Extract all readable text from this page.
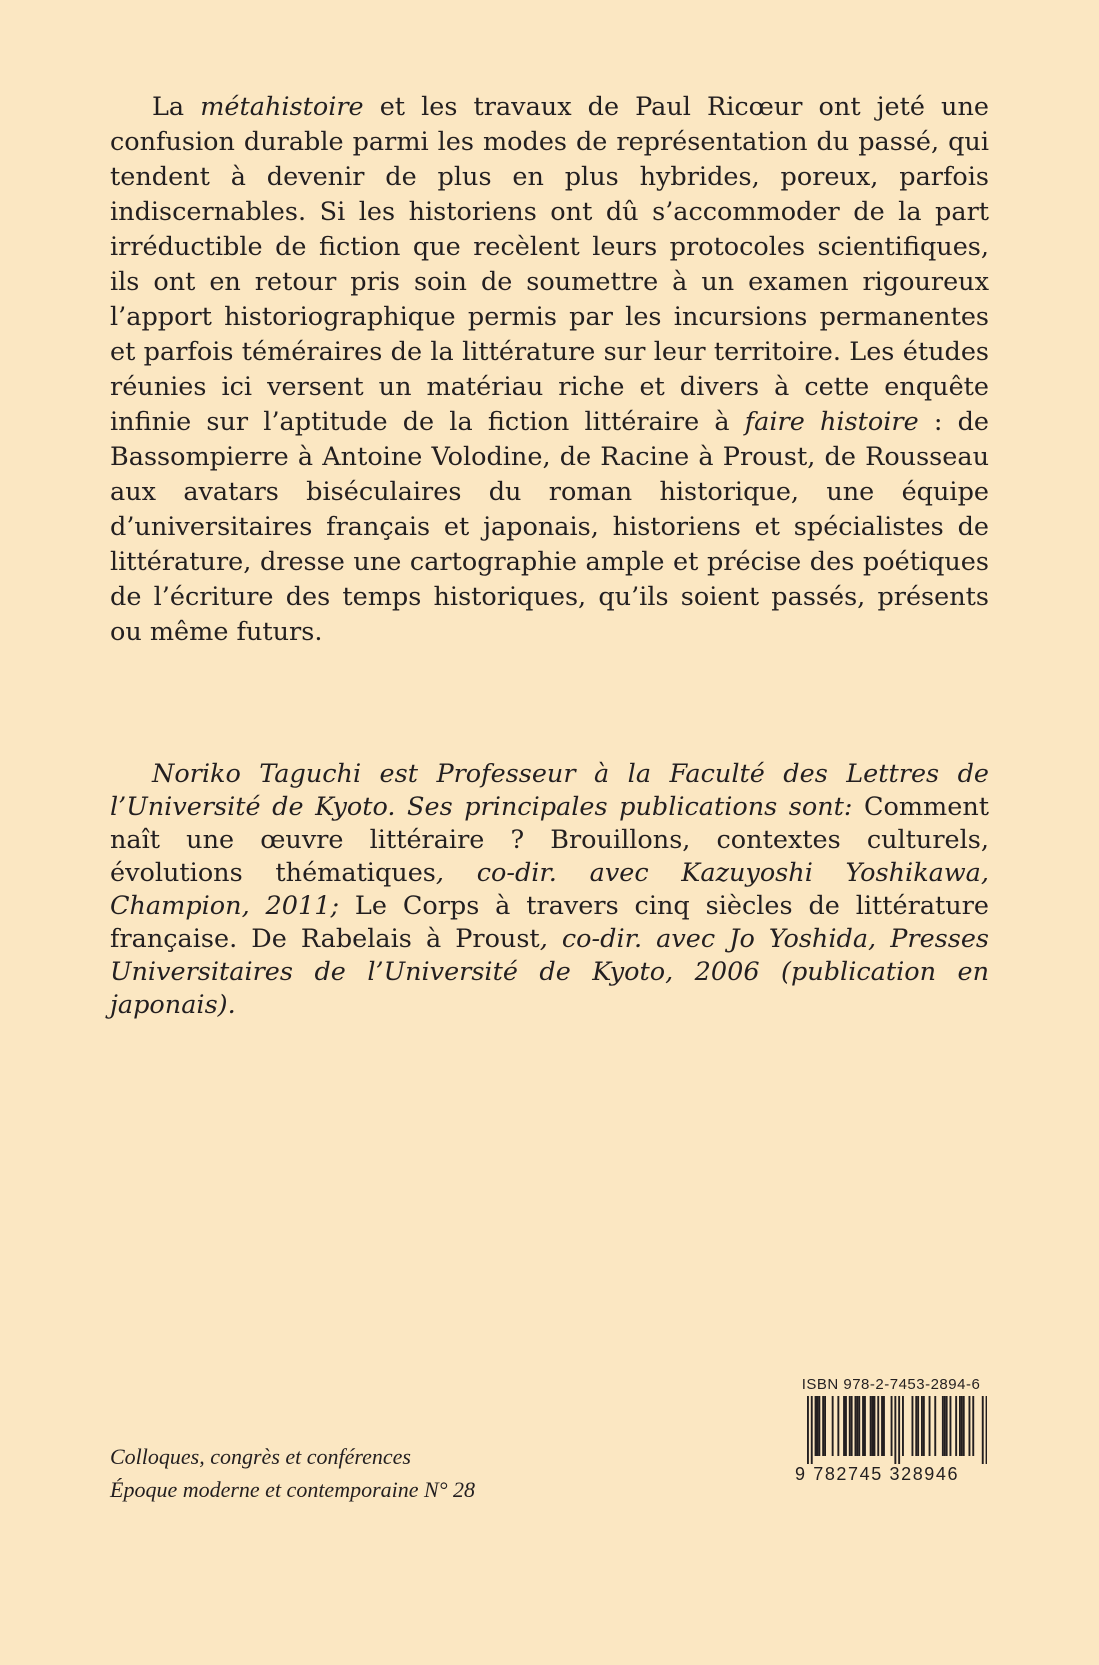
La métahistoire et les travaux de Paul Ricœur ont jeté une confusion durable parmi les modes de représentation du passé, qui tendent à devenir de plus en plus hybrides, poreux, parfois indiscernables. Si les historiens ont dû s’accommoder de la part irréductible de fiction que recèlent leurs protocoles scientifiques, ils ont en retour pris soin de soumettre à un examen rigoureux l’apport historiographique permis par les incursions permanentes et parfois téméraires de la littérature sur leur territoire. Les études réunies ici versent un matériau riche et divers à cette enquête infinie sur l’aptitude de la fiction littéraire à faire histoire : de Bassompierre à Antoine Volodine, de Racine à Proust, de Rousseau aux avatars biséculaires du roman historique, une équipe d’universitaires français et japonais, historiens et spécialistes de littérature, dresse une cartographie ample et précise des poétiques de l’écriture des temps historiques, qu’ils soient passés, présents ou même futurs.

Noriko Taguchi est Professeur à la Faculté des Lettres de l’Université de Kyoto. Ses principales publications sont: Comment naît une œuvre littéraire ? Brouillons, contextes culturels, évolutions thématiques, co-dir. avec Kazuyoshi Yoshikawa, Champion, 2011; Le Corps à travers cinq siècles de littérature française. De Rabelais à Proust, co-dir. avec Jo Yoshida, Presses Universitaires de l’Université de Kyoto, 2006 (publication en japonais).

Colloques, congrès et conférences
Époque moderne et contemporaine N° 28
ISBN 978-2-7453-2894-6
9 782745 328946
